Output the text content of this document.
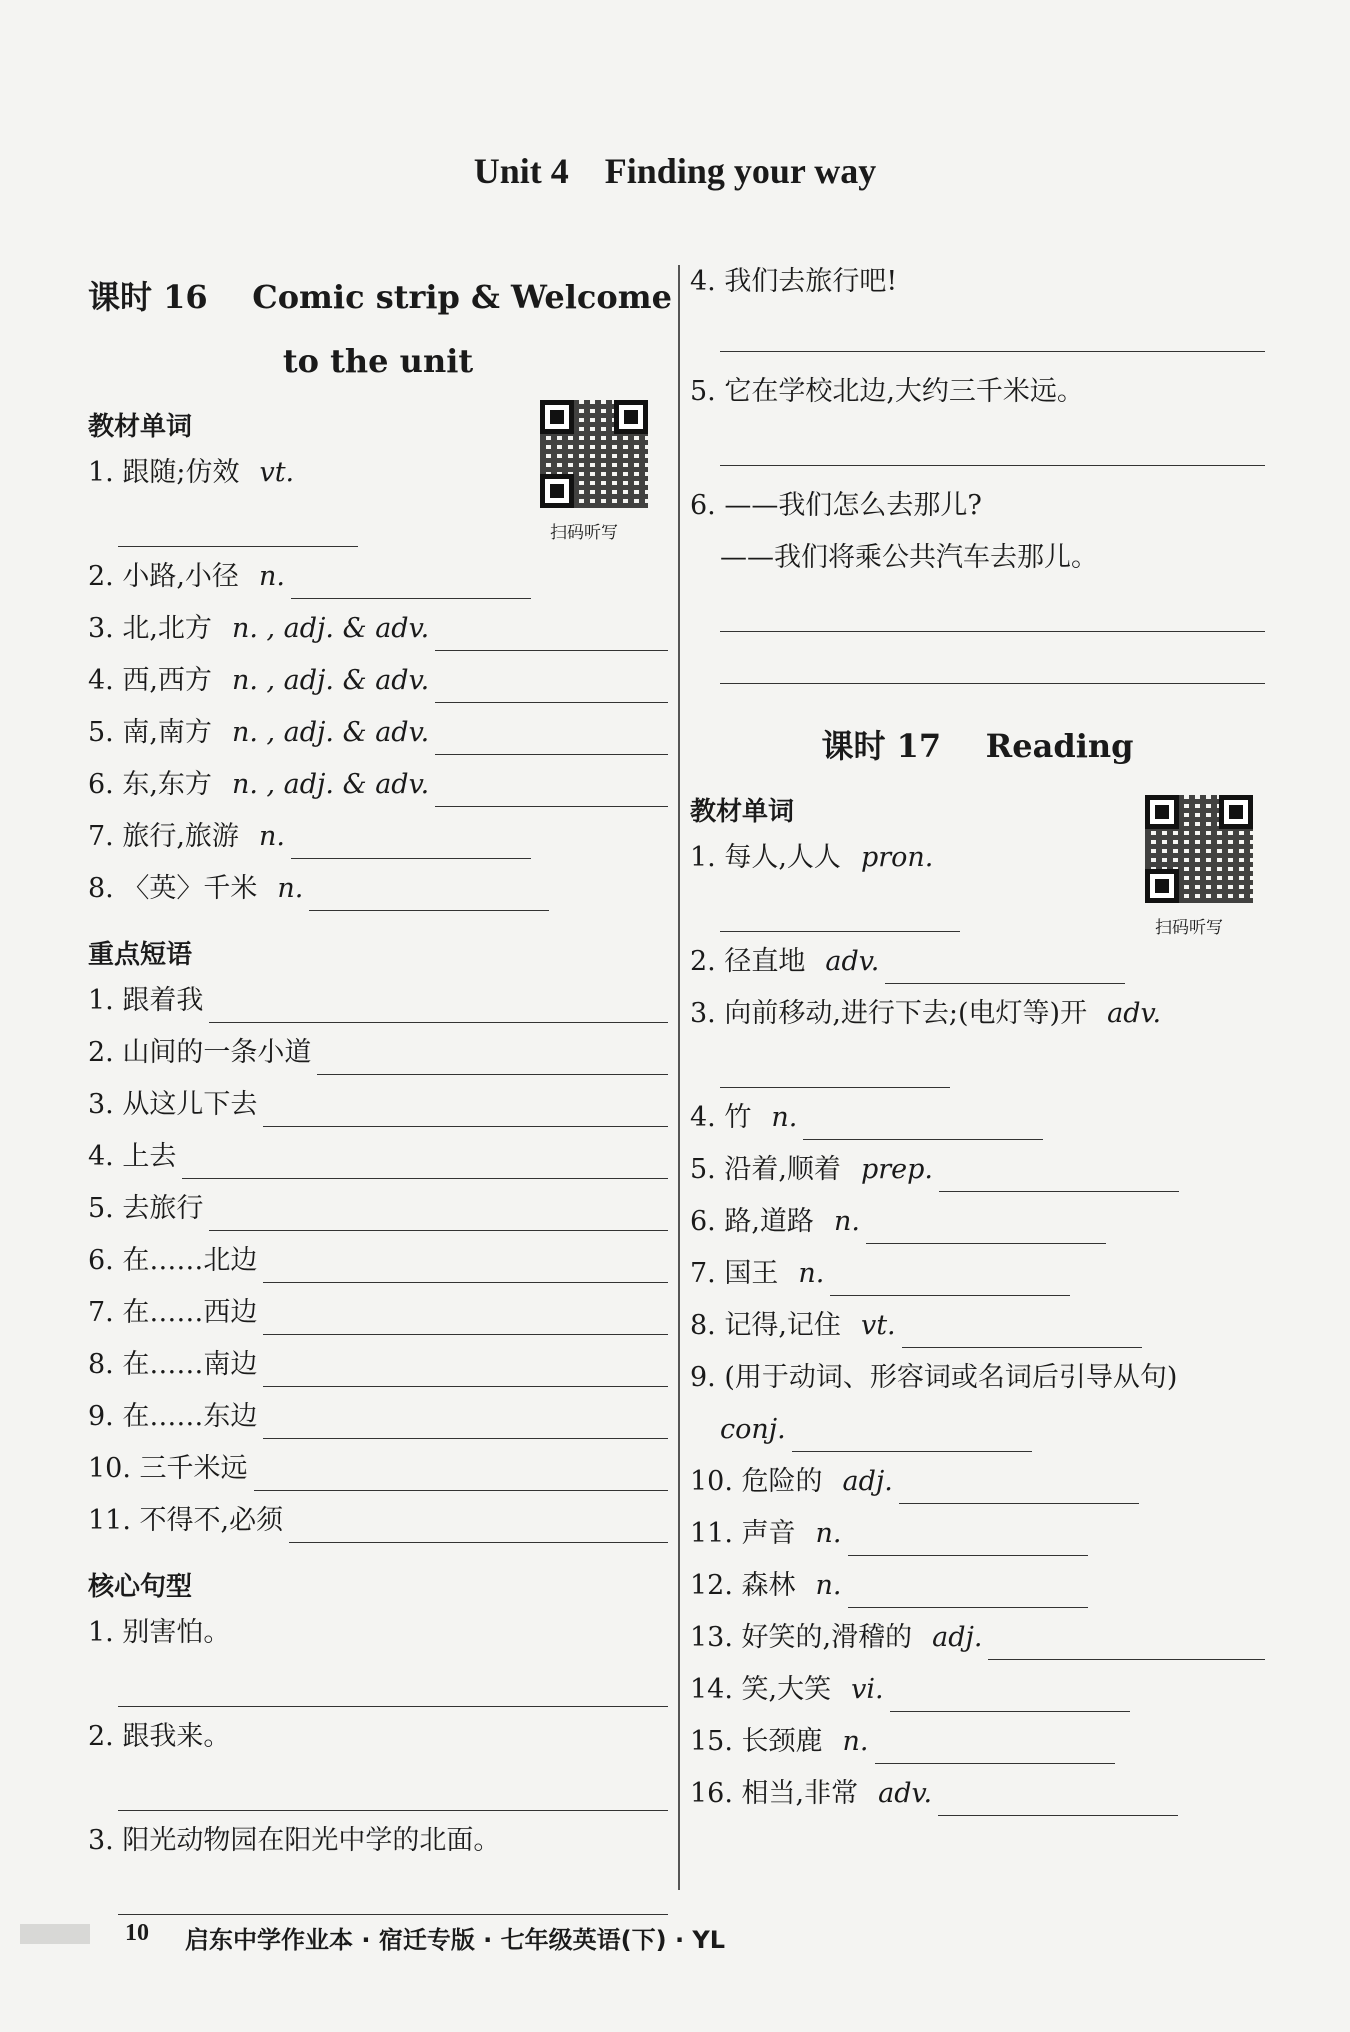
Unit 4    Finding your way
课时 16    Comic strip & Welcome
to the unit
教材单词
1. 跟随;仿效 vt.
2. 小路,小径 n.
3. 北,北方 n. , adj. & adv.
4. 西,西方 n. , adj. & adv.
5. 南,南方 n. , adj. & adv.
6. 东,东方 n. , adj. & adv.
7. 旅行,旅游 n.
8. 〈英〉千米 n.
重点短语
1. 跟着我
2. 山间的一条小道
3. 从这儿下去
4. 上去
5. 去旅行
6. 在……北边
7. 在……西边
8. 在……南边
9. 在……东边
10. 三千米远
11. 不得不,必须
核心句型
1. 别害怕。
2. 跟我来。
3. 阳光动物园在阳光中学的北面。
扫码听写
4. 我们去旅行吧!
5. 它在学校北边,大约三千米远。
6. ——我们怎么去那儿?
——我们将乘公共汽车去那儿。
课时 17    Reading
教材单词
1. 每人,人人 pron.
2. 径直地 adv.
3. 向前移动,进行下去;(电灯等)开 adv.
4. 竹 n.
5. 沿着,顺着 prep.
6. 路,道路 n.
7. 国王 n.
8. 记得,记住 vt.
9. (用于动词、形容词或名词后引导从句)
conj.
10. 危险的 adj.
11. 声音 n.
12. 森林 n.
13. 好笑的,滑稽的 adj.
14. 笑,大笑 vi.
15. 长颈鹿 n.
16. 相当,非常 adv.
扫码听写
10 启东中学作业本 · 宿迁专版 · 七年级英语(下) · YL
